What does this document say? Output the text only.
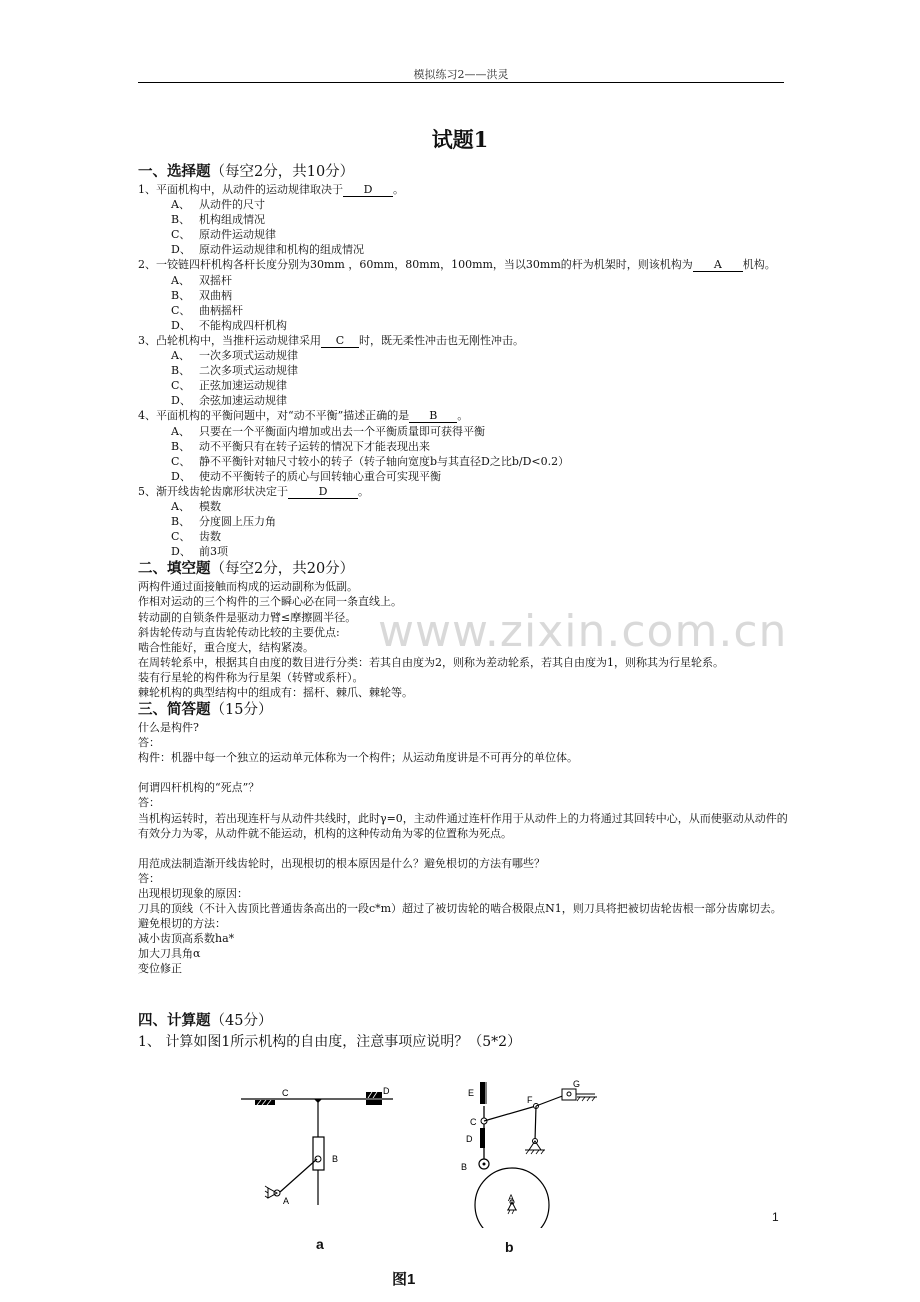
模拟练习2——洪灵
试题1
一、选择题（每空2分，共10分）
1、平面机构中，从动件的运动规律取决于 D 。
A、 从动件的尺寸
B、 机构组成情况
C、 原动件运动规律
D、 原动件运动规律和机构的组成情况
2、一铰链四杆机构各杆长度分别为30mm ，60mm，80mm，100mm，当以30mm的杆为机架时，则该机构为 A 机构。
A、 双摇杆
B、 双曲柄
C、 曲柄摇杆
D、 不能构成四杆机构
3、凸轮机构中，当推杆运动规律采用 C 时，既无柔性冲击也无刚性冲击。
A、 一次多项式运动规律
B、 二次多项式运动规律
C、 正弦加速运动规律
D、 余弦加速运动规律
4、平面机构的平衡问题中，对“动不平衡”描述正确的是 B 。
A、 只要在一个平衡面内增加或出去一个平衡质量即可获得平衡
B、 动不平衡只有在转子运转的情况下才能表现出来
C、 静不平衡针对轴尺寸较小的转子（转子轴向宽度b与其直径D之比b/D<0.2）
D、 使动不平衡转子的质心与回转轴心重合可实现平衡
5、渐开线齿轮齿廓形状决定于	D	。
A、 模数
B、 分度圆上压力角
C、 齿数
D、 前3项
二、填空题（每空2分，共20分）
两构件通过面接触而构成的运动副称为低副。
作相对运动的三个构件的三个瞬心必在同一条直线上。
转动副的自锁条件是驱动力臂≤摩擦圆半径。
斜齿轮传动与直齿轮传动比较的主要优点:
啮合性能好，重合度大，结构紧凑。
在周转轮系中，根据其自由度的数目进行分类：若其自由度为2，则称为差动轮系，若其自由度为1，则称其为行星轮系。
装有行星轮的构件称为行星架（转臂或系杆）。
棘轮机构的典型结构中的组成有：摇杆、棘爪、棘轮等。
三、简答题（15分）
什么是构件?
答：
构件：机器中每一个独立的运动单元体称为一个构件；从运动角度讲是不可再分的单位体。
何谓四杆机构的“死点”？
答：
当机构运转时，若出现连杆与从动件共线时，此时γ=0，主动件通过连杆作用于从动件上的力将通过其回转中心，从而使驱动从动件的有效分力为零，从动件就不能运动，机构的这种传动角为零的位置称为死点。
用范成法制造渐开线齿轮时，出现根切的根本原因是什么？避免根切的方法有哪些？
答：
出现根切现象的原因：
刀具的顶线（不计入齿顶比普通齿条高出的一段c*m）超过了被切齿轮的啮合极限点N1，则刀具将把被切齿轮齿根一部分齿廓切去。
避免根切的方法：
减小齿顶高系数ha*
加大刀具角α
变位修正
四、计算题（45分）
1、 计算如图1所示机构的自由度，注意事项应说明？（5*2）
C	D
B
A
E
C
D
F
G
B
A
a	b
图1
1
www.zixin.com.cn
